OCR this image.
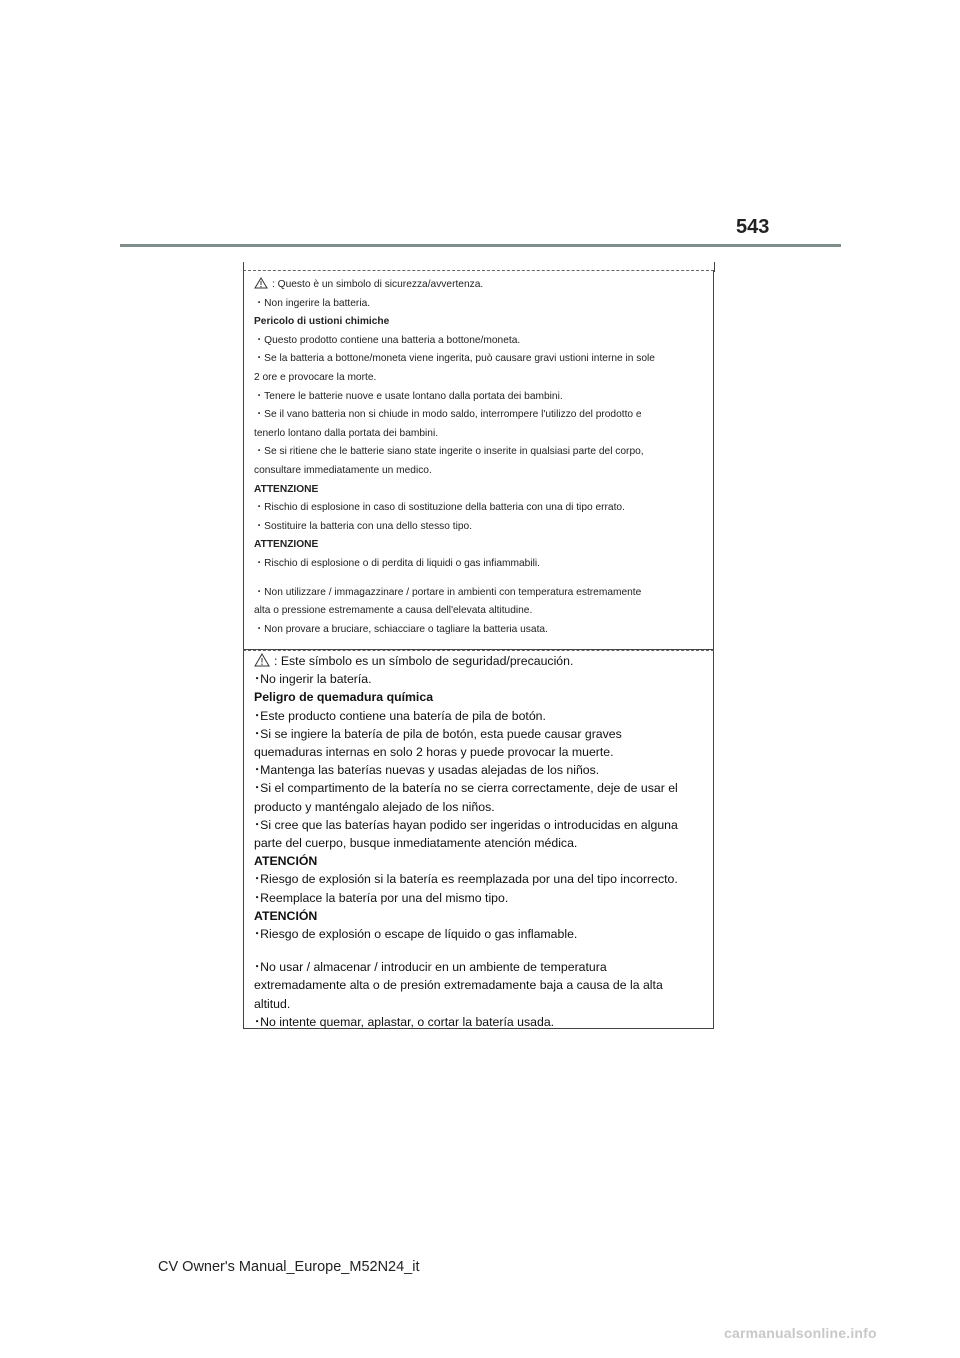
543
: Questo è un simbolo di sicurezza/avvertenza.
・Non ingerire la batteria.
Pericolo di ustioni chimiche
・Questo prodotto contiene una batteria a bottone/moneta.
・Se la batteria a bottone/moneta viene ingerita, può causare gravi ustioni interne in sole
2 ore e provocare la morte.
・Tenere le batterie nuove e usate lontano dalla portata dei bambini.
・Se il vano batteria non si chiude in modo saldo, interrompere l'utilizzo del prodotto e
tenerlo lontano dalla portata dei bambini.
・Se si ritiene che le batterie siano state ingerite o inserite in qualsiasi parte del corpo,
consultare immediatamente un medico.
ATTENZIONE
・Rischio di esplosione in caso di sostituzione della batteria con una di tipo errato.
・Sostituire la batteria con una dello stesso tipo.
ATTENZIONE
・Rischio di esplosione o di perdita di liquidi o gas infiammabili.
・Non utilizzare / immagazzinare / portare in ambienti con temperatura estremamente
alta o pressione estremamente a causa dell'elevata altitudine.
・Non provare a bruciare, schiacciare o tagliare la batteria usata.
: Este símbolo es un símbolo de seguridad/precaución.
･No ingerir la batería.
Peligro de quemadura química
･Este producto contiene una batería de pila de botón.
･Si se ingiere la batería de pila de botón, esta puede causar graves
quemaduras internas en solo 2 horas y puede provocar la muerte.
･Mantenga las baterías nuevas y usadas alejadas de los niños.
･Si el compartimento de la batería no se cierra correctamente, deje de usar el
producto y manténgalo alejado de los niños.
･Si cree que las baterías hayan podido ser ingeridas o introducidas en alguna
parte del cuerpo, busque inmediatamente atención médica.
ATENCIÓN
･Riesgo de explosión si la batería es reemplazada por una del tipo incorrecto.
･Reemplace la batería por una del mismo tipo.
ATENCIÓN
･Riesgo de explosión o escape de líquido o gas inflamable.
･No usar / almacenar / introducir en un ambiente de temperatura
extremadamente alta o de presión extremadamente baja a causa de la alta
altitud.
･No intente quemar, aplastar, o cortar la batería usada.
CV Owner's Manual_Europe_M52N24_it
carmanualsonline.info
